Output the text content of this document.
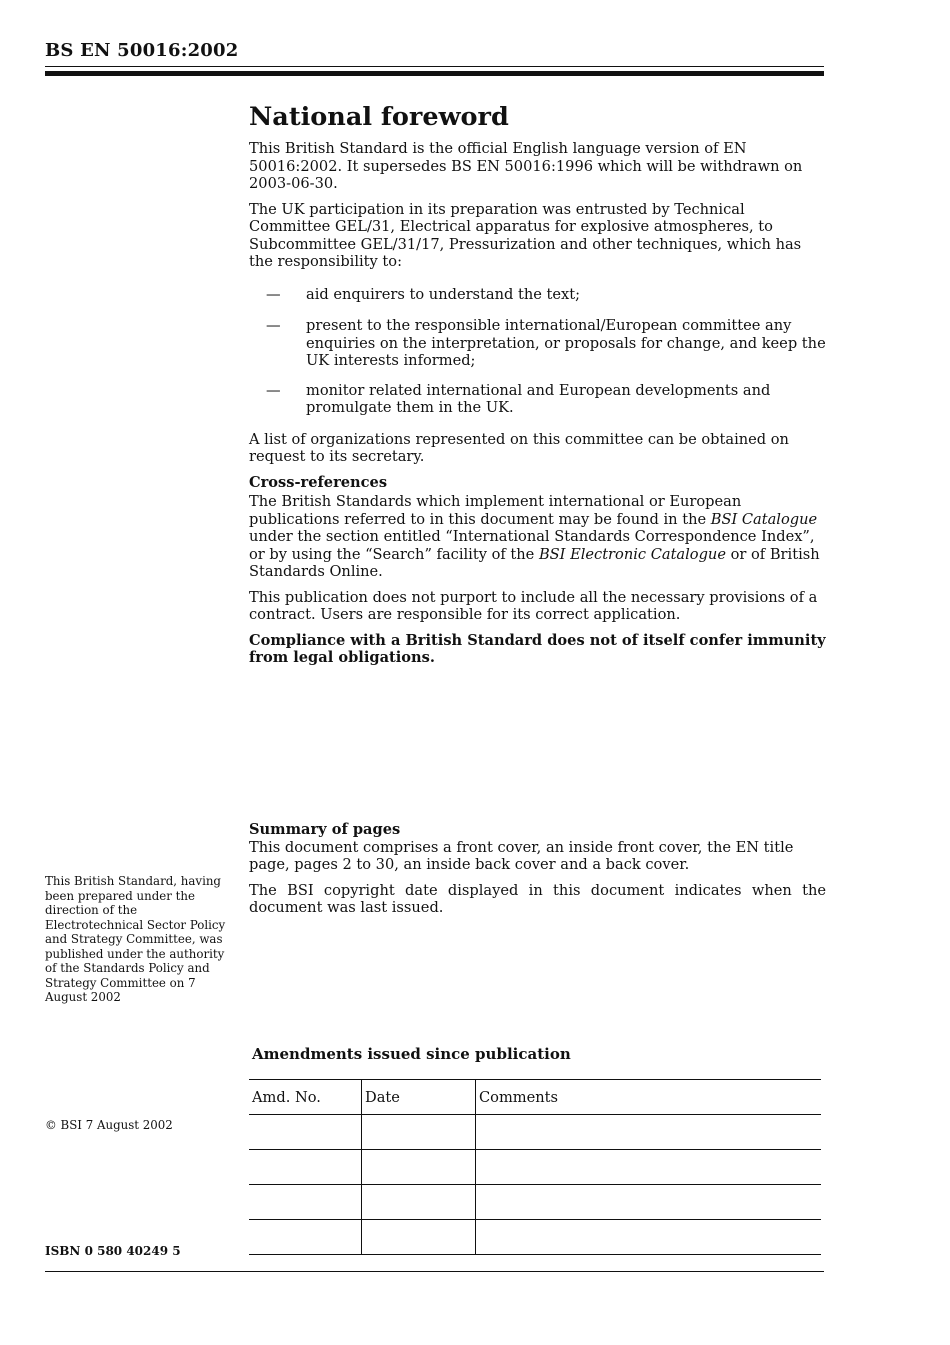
BS EN 50016:2002
National foreword

This British Standard is the official English language version of EN 50016:2002. It supersedes BS EN 50016:1996 which will be withdrawn on 2003-06-30.

The UK participation in its preparation was entrusted by Technical Committee GEL/31, Electrical apparatus for explosive atmospheres, to Subcommittee GEL/31/17, Pressurization and other techniques, which has the responsibility to:

— aid enquirers to understand the text;
— present to the responsible international/European committee any enquiries on the interpretation, or proposals for change, and keep the UK interests informed;
— monitor related international and European developments and promulgate them in the UK.

A list of organizations represented on this committee can be obtained on request to its secretary.

Cross-references

The British Standards which implement international or European publications referred to in this document may be found in the BSI Catalogue under the section entitled “International Standards Correspondence Index”, or by using the “Search” facility of the BSI Electronic Catalogue or of British Standards Online.

This publication does not purport to include all the necessary provisions of a contract. Users are responsible for its correct application.

Compliance with a British Standard does not of itself confer immunity from legal obligations.

Summary of pages

This document comprises a front cover, an inside front cover, the EN title page, pages 2 to 30, an inside back cover and a back cover.

The BSI copyright date displayed in this document indicates when the document was last issued.

This British Standard, having been prepared under the direction of the Electrotechnical Sector Policy and Strategy Committee, was published under the authority of the Standards Policy and Strategy Committee on 7 August 2002
© BSI 7 August 2002
Amendments issued since publication
Amd. No.	Date	Comments

ISBN 0 580 40249 5
